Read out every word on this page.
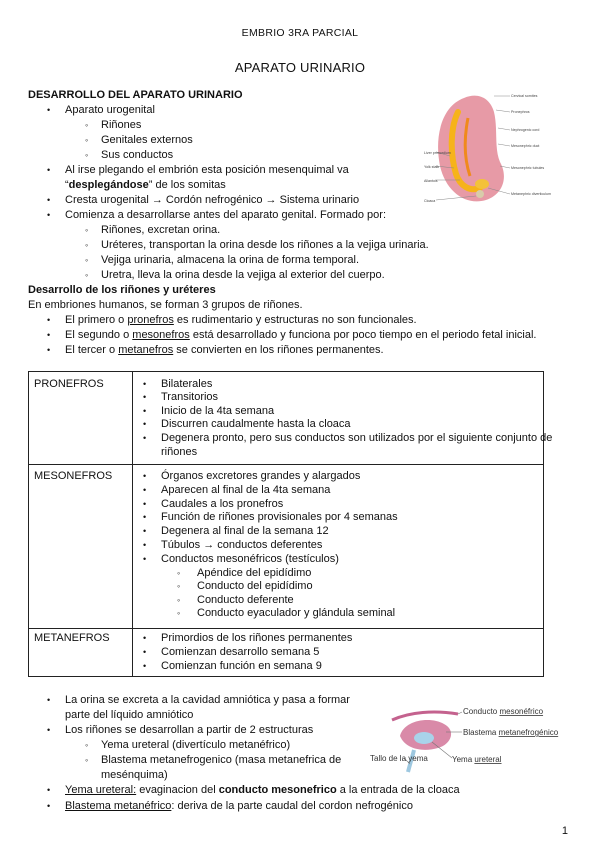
EMBRIO 3RA PARCIAL
APARATO URINARIO
DESARROLLO DEL APARATO URINARIO
•
Aparato urogenital
◦
Riñones
◦
Genitales externos
◦
Sus conductos
•
Al irse plegando el embrión esta posición mesenquimal va
“desplegándose” de los somitas
•
Cresta urogenital → Cordón nefrogénico → Sistema urinario
•
Comienza a desarrollarse antes del aparato genital. Formado por:
◦
Riñones, excretan orina.
◦
Uréteres, transportan la orina desde los riñones a la vejiga urinaria.
◦
Vejiga urinaria, almacena la orina de forma temporal.
◦
Uretra, lleva la orina desde la vejiga al exterior del cuerpo.
Cervical somites
Pronephros
Nephrogenic cord
Mesonephric duct
Liver primordium
Yolk stalk
Allantois
Mesonephric tubules
Cloaca
Metanephric diverticulum
Desarrollo de los riñones y uréteres
En embriones humanos, se forman 3 grupos de riñones.
•
El primero o pronefros es rudimentario y estructuras no son funcionales.
•
El segundo o mesonefros está desarrollado y funciona por poco tiempo en el periodo fetal inicial.
•
El tercer o metanefros se convierten en los riñones permanentes.
PRONEFROS •	Bilaterales
•
Transitorios
•
Inicio de la 4ta semana
•
Discurren caudalmente hasta la cloaca
•
Degenera pronto, pero sus conductos son utilizados por el siguiente conjunto de
riñones
MESONEFROS •	Órganos excretores grandes y alargados
•
Aparecen al final de la 4ta semana
•
Caudales a los pronefros
•
Función de riñones provisionales por 4 semanas
•
Degenera al final de la semana 12
•
Túbulos → conductos deferentes
•
Conductos mesonéfricos (testículos)
◦
Apéndice del epidídimo
◦
Conducto del epidídimo
◦
Conducto deferente
◦
Conducto eyaculador y glándula seminal
METANEFROS •	Primordios de los riñones permanentes
•
Comienzan desarrollo semana 5
•
Comienzan función en semana 9
•
La orina se excreta a la cavidad amniótica y pasa a formar
parte del líquido amniótico
•
Los riñones se desarrollan a partir de 2 estructuras
◦
Yema ureteral (divertículo metanéfrico)
◦
Blastema metanefrogenico (masa metanefrica de
mesénquima)
•
Yema ureteral: evaginacion del conducto mesonefrico a la entrada de la cloaca
•
Blastema metanéfrico: deriva de la parte caudal del cordon nefrogénico
Conducto mesonéfrico
Blastema metanefrogénico
Tallo de la yema	Yema ureteral
1
